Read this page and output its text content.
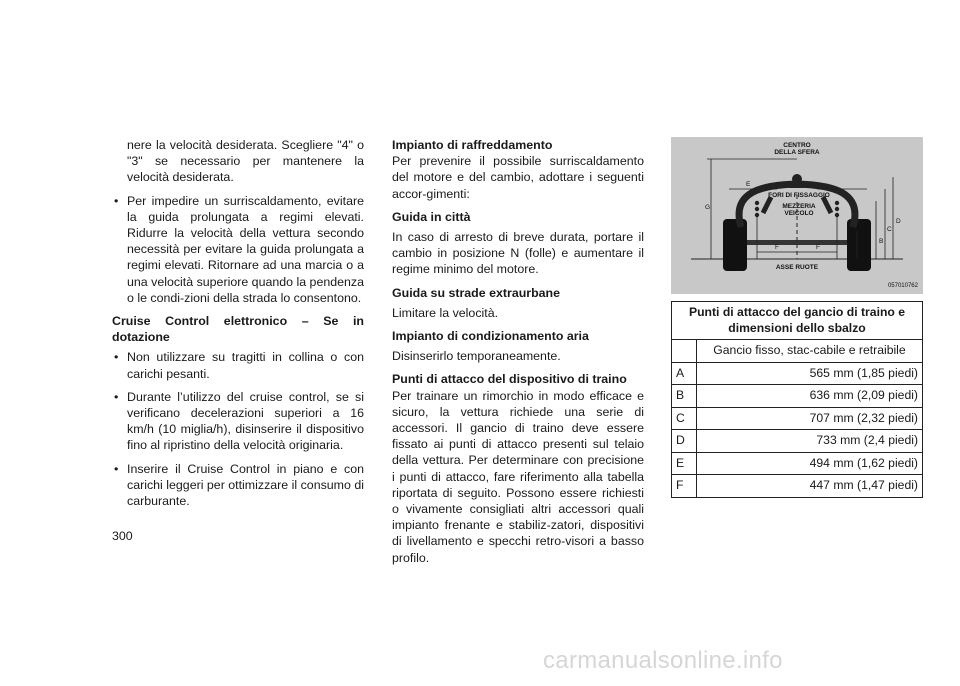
nere la velocità desiderata. Scegliere "4" o "3" se necessario per mantenere la velocità desiderata.

• Per impedire un surriscaldamento, evitare la guida prolungata a regimi elevati. Ridurre la velocità della vettura secondo necessità per evitare la guida prolungata a regimi elevati. Ritornare ad una marcia o a una velocità superiore quando la pendenza o le condi-zioni della strada lo consentono.

Cruise Control elettronico – Se in dotazione

• Non utilizzare su tragitti in collina o con carichi pesanti.
• Durante l’utilizzo del cruise control, se si verificano decelerazioni superiori a 16 km/h (10 miglia/h), disinserire il dispositivo fino al ripristino della velocità originaria.
• Inserire il Cruise Control in piano e con carichi leggeri per ottimizzare il consumo di carburante.

Impianto di raffreddamento

Per prevenire il possibile surriscaldamento del motore e del cambio, adottare i seguenti accor-gimenti:

Guida in città

In caso di arresto di breve durata, portare il cambio in posizione N (folle) e aumentare il regime minimo del motore.

Guida su strade extraurbane

Limitare la velocità.

Impianto di condizionamento aria

Disinserirlo temporaneamente.

Punti di attacco del dispositivo di traino

Per trainare un rimorchio in modo efficace e sicuro, la vettura richiede una serie di accessori. Il gancio di traino deve essere fissato ai punti di attacco presenti sul telaio della vettura. Per determinare con precisione i punti di attacco, fare riferimento alla tabella riportata di seguito. Possono essere richiesti o vivamente consigliati altri accessori quali impianto frenante e stabiliz-zatori, dispositivi di livellamento e specchi retro-visori a basso profilo.

CENTRO
DELLA SFERA
FORI DI FISSAGGIO
MEZZERIA
VEICOLO
ASSE RUOTE
G
A
B
C
D
F	F
E
057010762
Punti di attacco del gancio di traino e dimensioni dello sbalzo	
	Gancio fisso, stac-cabile e retraibile
A	565 mm (1,85 piedi)
B	636 mm (2,09 piedi)
C	707 mm (2,32 piedi)
D	733 mm (2,4 piedi)
E	494 mm (1,62 piedi)
F	447 mm (1,47 piedi)
300
carmanualsonline.info
